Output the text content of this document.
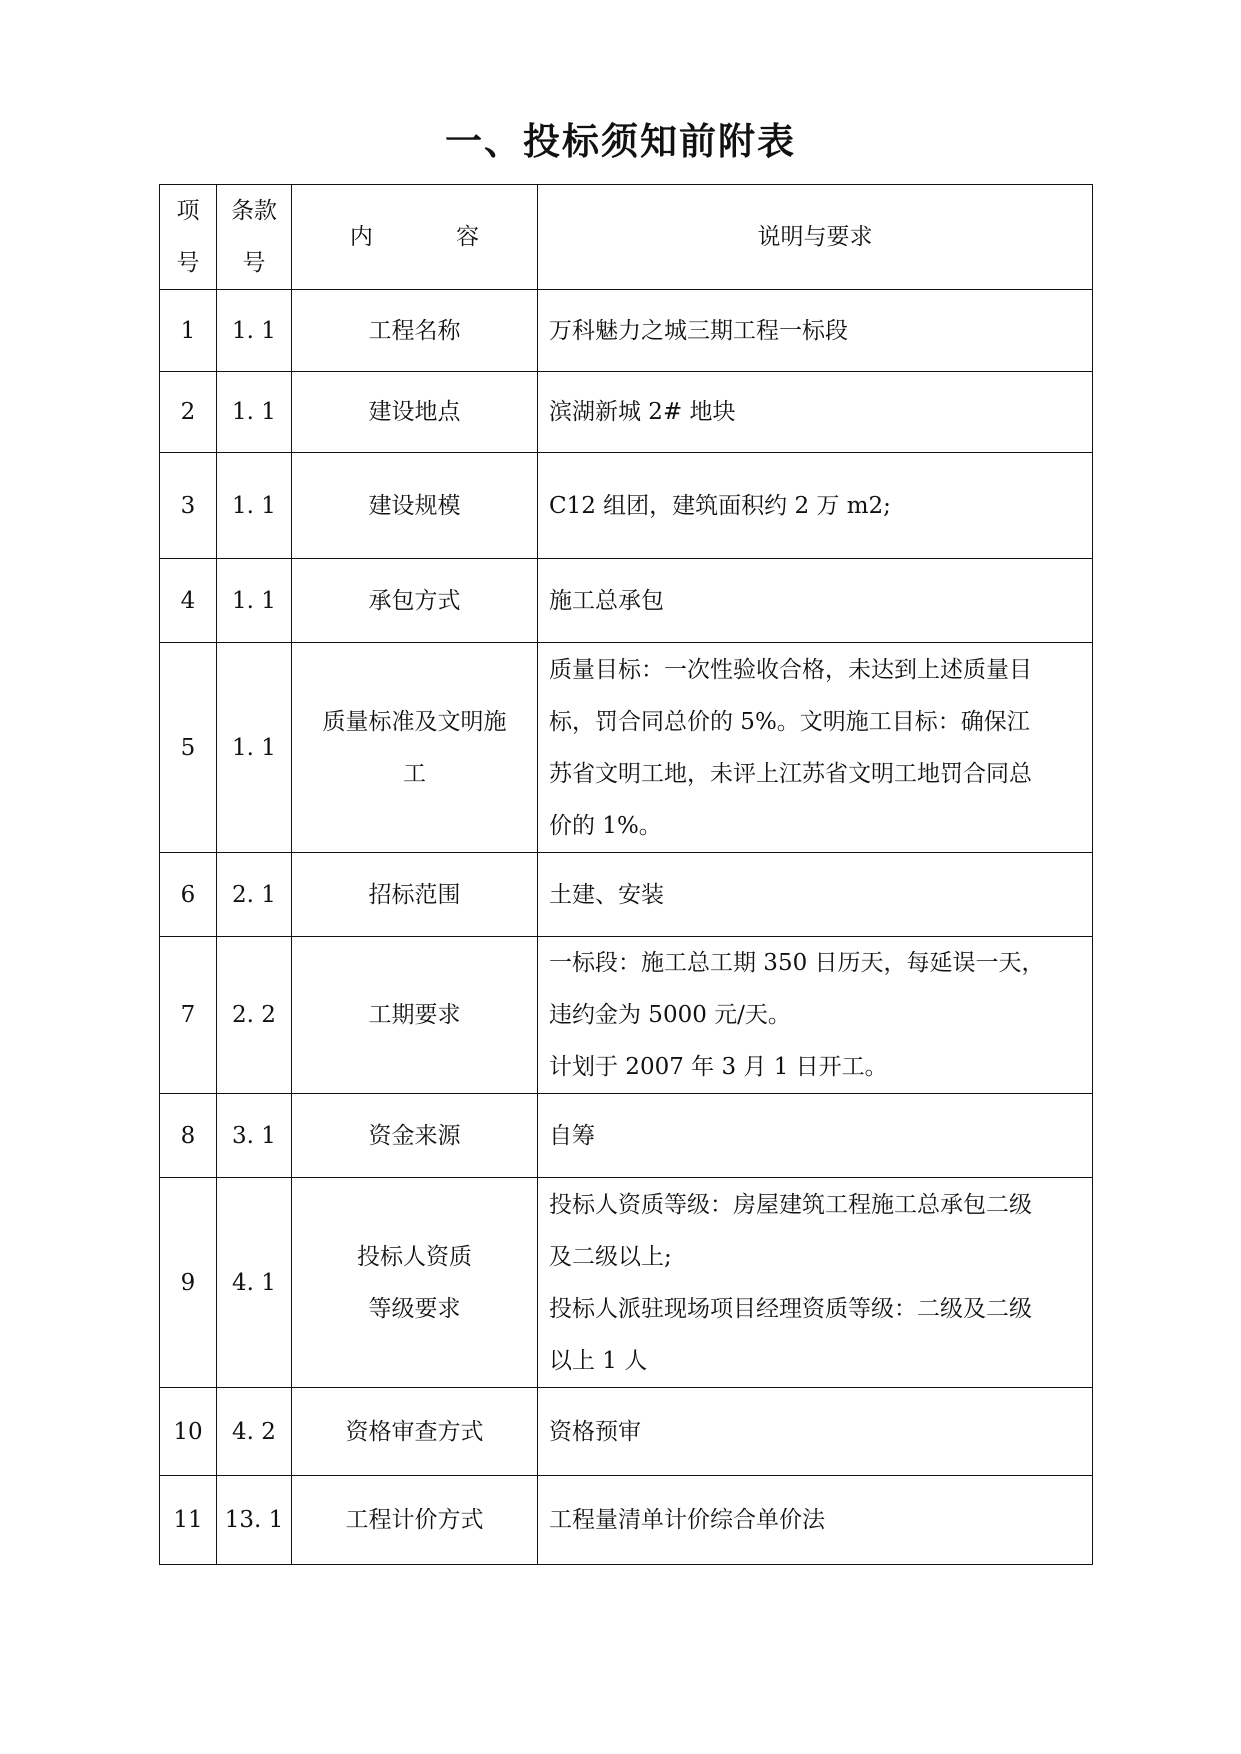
一、投标须知前附表
项
号	条款
号	内 容	说明与要求
1	1. 1	工程名称	万科魅力之城三期工程一标段

2	1. 1	建设地点	滨湖新城 2# 地块

3	1. 1	建设规模	C12 组团，建筑面积约 2 万 m2;

4	1. 1	承包方式	施工总承包

5	1. 1	质量标准及文明施
工	质量目标：一次性验收合格，未达到上述质量目
标，罚合同总价的 5%。文明施工目标：确保江
苏省文明工地，未评上江苏省文明工地罚合同总
价的 1%。

6	2. 1	招标范围	土建、安装

7	2. 2	工期要求	一标段：施工总工期 350 日历天，每延误一天，
违约金为 5000 元/天。
计划于 2007 年 3 月 1 日开工。

8	3. 1	资金来源	自筹

9	4. 1	投标人资质
等级要求	投标人资质等级：房屋建筑工程施工总承包二级
及二级以上;
投标人派驻现场项目经理资质等级：二级及二级
以上 1 人

10	4. 2	资格审查方式	资格预审

11	13. 1	工程计价方式	工程量清单计价综合单价法
